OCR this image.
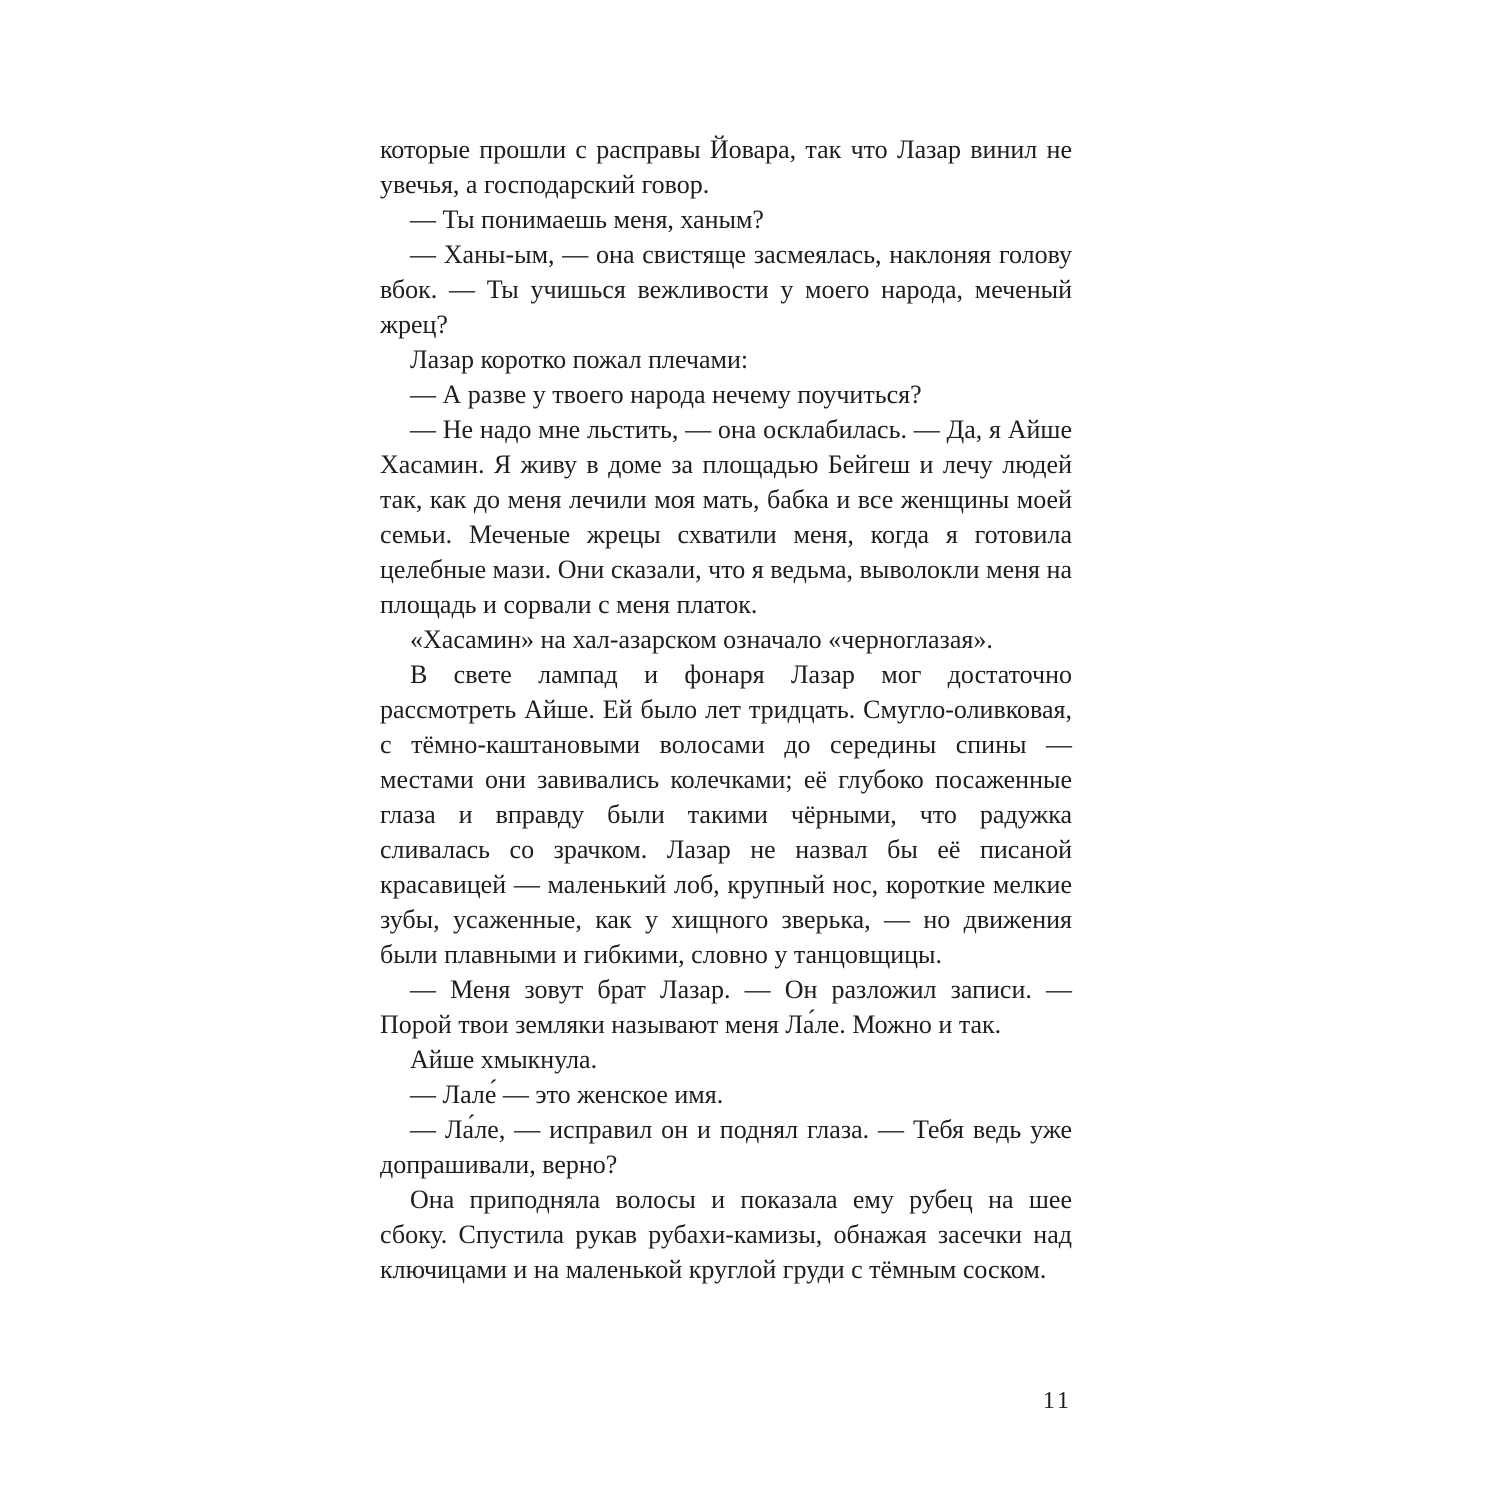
которые прошли с расправы Йовара, так что Лазар винил не увечья, а господарский говор.

— Ты понимаешь меня, ханым?

— Ханы-ым, — она свистяще засмеялась, наклоняя голову вбок. — Ты учишься вежливости у моего народа, меченый жрец?

Лазар коротко пожал плечами:

— А разве у твоего народа нечему поучиться?

— Не надо мне льстить, — она осклабилась. — Да, я Айше Хасамин. Я живу в доме за площадью Бейгеш и лечу людей так, как до меня лечили моя мать, бабка и все женщины моей семьи. Меченые жрецы схватили меня, когда я готовила целебные мази. Они сказали, что я ведьма, выволокли меня на площадь и сорвали с меня платок.

«Хасамин» на хал-азарском означало «черноглазая».

В свете лампад и фонаря Лазар мог достаточно рассмотреть Айше. Ей было лет тридцать. Смугло-оливковая, с тёмно-каштановыми волосами до середины спины — местами они завивались колечками; её глубоко посаженные глаза и вправду были такими чёрными, что радужка сливалась со зрачком. Лазар не назвал бы её писаной красавицей — маленький лоб, крупный нос, короткие мелкие зубы, усаженные, как у хищного зверька, — но движения были плавными и гибкими, словно у танцовщицы.

— Меня зовут брат Лазар. — Он разложил записи. — Порой твои земляки называют меня Ла́ле. Можно и так.

Айше хмыкнула.

— Лале́ — это женское имя.

— Ла́ле, — исправил он и поднял глаза. — Тебя ведь уже допрашивали, верно?

Она приподняла волосы и показала ему рубец на шее сбоку. Спустила рукав рубахи-камизы, обнажая засечки над ключицами и на маленькой круглой груди с тёмным соском.

11
